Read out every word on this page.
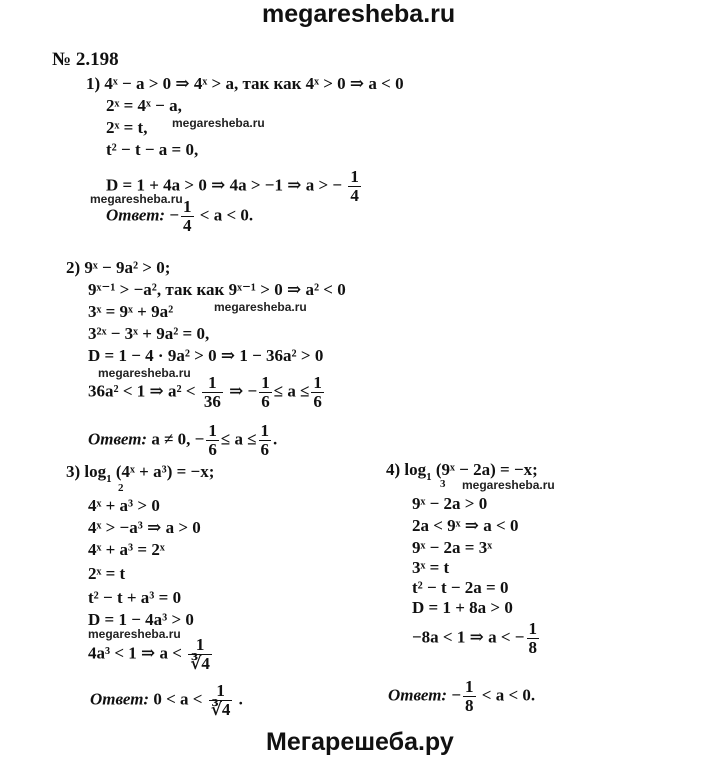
megaresheba.ru
№ 2.198
1) 4ˣ − a > 0 ⇒ 4ˣ > a, так как 4ˣ > 0 ⇒ a < 0
2ˣ = 4ˣ − a,
2ˣ = t, megaresheba.ru
t² − t − a = 0,
D = 1 + 4a > 0 ⇒ 4a > −1 ⇒ a > − $\frac{1}{4}$
megaresheba.ru
Ответ: − $\frac{1}{4} < a < 0$.
2) 9ˣ − 9a² > 0;
9ˣ⁻¹ > −a², так как 9ˣ⁻¹ > 0 ⇒ a² < 0
3ˣ = 9ˣ + 9a²	megaresheba.ru
3²ˣ − 3ˣ + 9a² = 0,
D = 1 − 4 · 9a² > 0 ⇒ 1 − 36a² > 0
megaresheba.ru
36a² < 1 ⇒ $a^2 < \frac{1}{36}$ ⇒ − $\frac{1}{6} \le a \le \frac{1}{6}$
Ответ: a ≠ 0, − $\frac{1}{6} \le a \le \frac{1}{6}$ .
3) $\log_1$ (4ˣ + a³) = −x;
2
4ˣ + a³ > 0
4ˣ > −a³ ⇒ a > 0
4ˣ + a³ = 2ˣ
2ˣ = t
t² − t + a³ = 0
D = 1 − 4a³ > 0
megaresheba.ru
4a³ < 1 ⇒ $a < \frac{1}{∛4}$
Ответ: $0 < a < \frac{1}{∛4}$ .
4) $\log_1$ (9ˣ − 2a) = −x;
3 megaresheba.ru
9ˣ − 2a > 0
2a < 9ˣ ⇒ a < 0
9ˣ − 2a = 3ˣ
3ˣ = t
t² − t − 2a = 0
D = 1 + 8a > 0
−8a < 1 ⇒ a < − $\frac{1}{8}$
Ответ: − $\frac{1}{8} < a < 0$.
Мегарешеба.ру
